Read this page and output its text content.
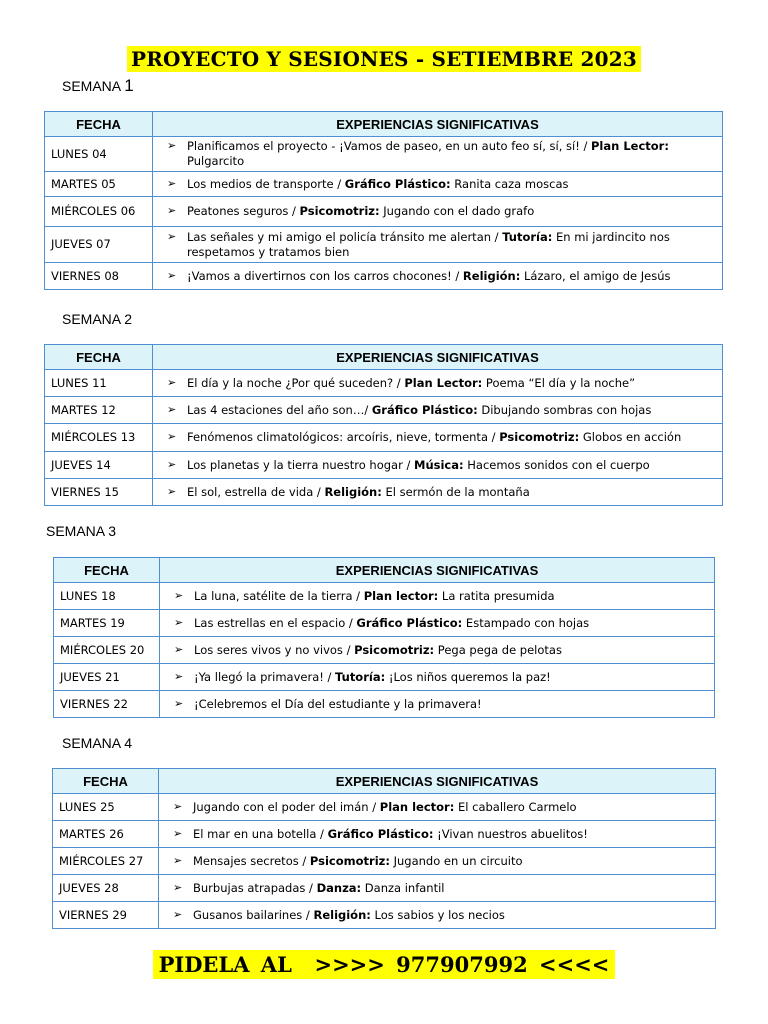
PROYECTO Y SESIONES - SETIEMBRE 2023
SEMANA 1
FECHA	EXPERIENCIAS SIGNIFICATIVAS
LUNES 04	➢ Planificamos el proyecto - ¡Vamos de paseo, en un auto feo sí, sí, sí! / Plan Lector: Pulgarcito

MARTES 05	➢ Los medios de transporte / Gráfico Plástico: Ranita caza moscas

MIÉRCOLES 06	➢ Peatones seguros / Psicomotriz: Jugando con el dado grafo

JUEVES 07	➢ Las señales y mi amigo el policía tránsito me alertan / Tutoría: En mi jardincito nos respetamos y tratamos bien

VIERNES 08	➢ ¡Vamos a divertirnos con los carros chocones! / Religión: Lázaro, el amigo de Jesús
SEMANA 2
FECHA	EXPERIENCIAS SIGNIFICATIVAS
LUNES 11	➢ El día y la noche ¿Por qué suceden? / Plan Lector: Poema “El día y la noche”

MARTES 12	➢ Las 4 estaciones del año son…/ Gráfico Plástico: Dibujando sombras con hojas

MIÉRCOLES 13	➢ Fenómenos climatológicos: arcoíris, nieve, tormenta / Psicomotriz: Globos en acción

JUEVES 14	➢ Los planetas y la tierra nuestro hogar / Música: Hacemos sonidos con el cuerpo

VIERNES 15	➢ El sol, estrella de vida / Religión: El sermón de la montaña
SEMANA 3
FECHA	EXPERIENCIAS SIGNIFICATIVAS
LUNES 18	➢ La luna, satélite de la tierra / Plan lector: La ratita presumida

MARTES 19	➢ Las estrellas en el espacio / Gráfico Plástico: Estampado con hojas

MIÉRCOLES 20	➢ Los seres vivos y no vivos / Psicomotriz: Pega pega de pelotas

JUEVES 21	➢ ¡Ya llegó la primavera! / Tutoría: ¡Los niños queremos la paz!

VIERNES 22	➢ ¡Celebremos el Día del estudiante y la primavera!
SEMANA 4
FECHA	EXPERIENCIAS SIGNIFICATIVAS
LUNES 25	➢ Jugando con el poder del imán / Plan lector: El caballero Carmelo

MARTES 26	➢ El mar en una botella / Gráfico Plástico: ¡Vivan nuestros abuelitos!

MIÉRCOLES 27	➢ Mensajes secretos / Psicomotriz: Jugando en un circuito

JUEVES 28	➢ Burbujas atrapadas / Danza: Danza infantil

VIERNES 29	➢ Gusanos bailarines / Religión: Los sabios y los necios
PIDELA AL  >>>> 977907992 <<<<
